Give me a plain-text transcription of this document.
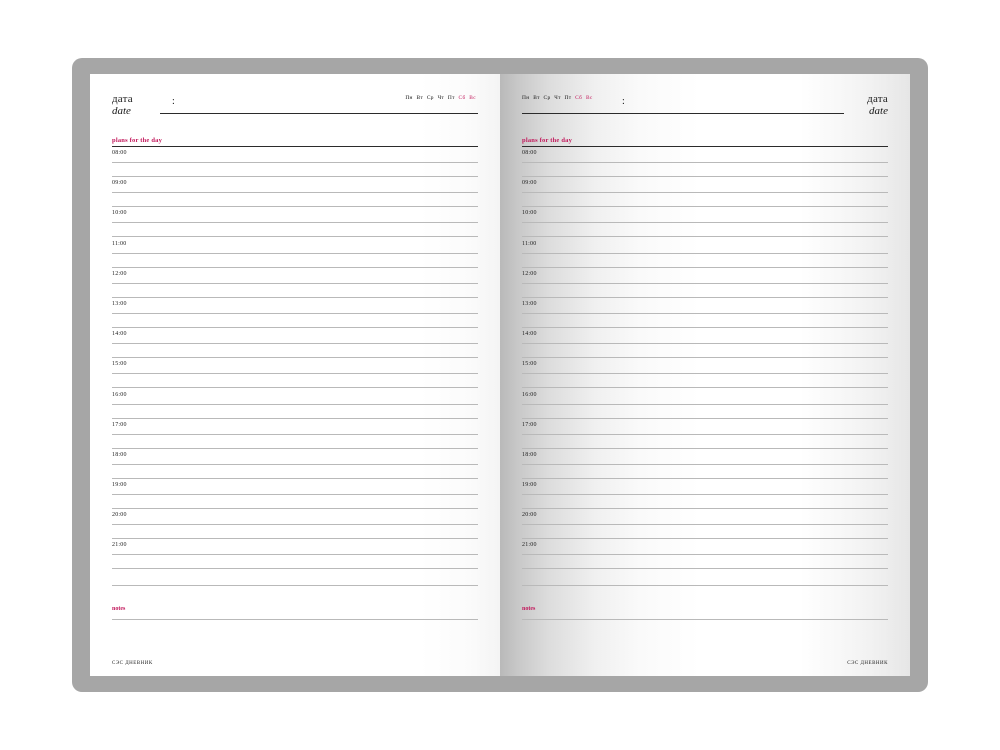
дата
date
:	Пн Вт Ср Чт Пт Сб Вс
plans for the day
08:00
09:00
10:00
11:00
12:00
13:00
14:00
15:00
16:00
17:00
18:00
19:00
20:00
21:00
notes
СЭС ДНЕВНИК
дата
date
:
Пн Вт Ср Чт Пт Сб Вс
plans for the day
08:00
09:00
10:00
11:00
12:00
13:00
14:00
15:00
16:00
17:00
18:00
19:00
20:00
21:00
notes
СЭС ДНЕВНИК
